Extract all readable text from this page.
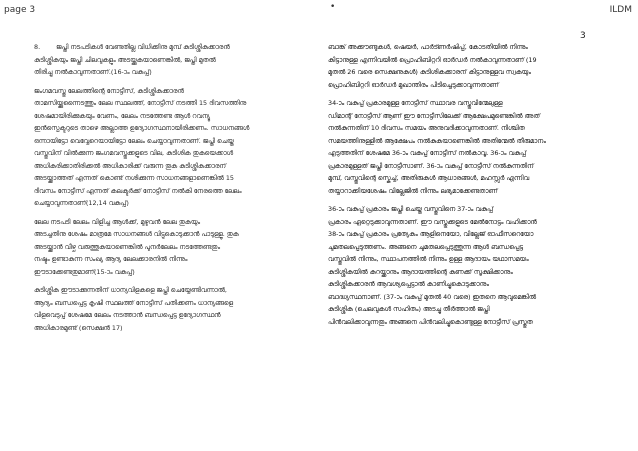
page 3	•	ILDM
3
8.	ജപ്തി നടപടികൾ വേണ്ടതില്ല വിധിക്കിനു മുമ്പ് കുടിശ്ശികക്കാരൻ
കുടിശ്ശികയും ജപ്തി ചിലവുകളും അടയ്ക്കുകയാണെങ്കിൽ, ജപ്തി മുതൽ
തിരിച്ചു നൽകാവുന്നതാണ്.(16-ാം വകുപ്പ്)
ജംഗമവസ്തു ലേലത്തിന്റെ നോട്ടീസ്, കുടിശ്ശികക്കാരൻ
താമസിയ്ക്കുന്നൈടത്തും ലേല സ്ഥലത്ത്, നോട്ടീസ് നടത്തി 15 ദിവസത്തിനു
ശേഷമായിരിക്കുകയും വേണം, ലേലം നടത്തേണ്ട ആൾ റവന്യൂ
ഇൻസ്പെക്ടറുടെ താഴെ അല്ലാത്ത ഉദ്യോഗസ്ഥനായിരിക്കണം. സാധനങ്ങൾ
ഒന്നായിട്ടോ വെവ്വേറെയായിട്ടോ ലേലം ചെയ്യാവുന്നതാണ്. ജപ്തി ചെയ്ത
വസ്തുവിന് വിൽക്കുന്ന ജംഗമവസ്തുക്കളുടെ വില, കുടിശിക തുകയെക്കാൾ
അധികരിക്കാതിരിക്കൽ അധികാരിക്ക് വരുന്ന തുക കുടിശ്ശികക്കാരന്
അടയ്ക്കാത്തത് എന്നത് കൊണ്ട് നശിക്കുന്ന സാധനങ്ങളാണെങ്കിൽ 15
ദിവസം നോട്ടീസ് എന്നത് കലക്ടർക്ക് നോട്ടീസ് നൽകി നേരത്തെ ലേലം
ചെയ്യാവുന്നതാണ്(12,14 വകുപ്പ്)
ലേല നടപടി ലേലം വിളിച്ച ആൾക്ക്, മുഴുവൻ ലേല തുകയും
അടച്ചതിനു ശേഷം മാത്രമേ സാധനങ്ങൾ വിട്ടുകൊടുക്കാൻ പാടുള്ളൂ. തുക
അടയ്ക്കാൻ വീഴ്ച വരുത്തുകയാണെങ്കിൽ പുനർലേലം നടത്തേണ്ടതും
നഷ്ടം ഉണ്ടാകുന്ന സംഖ്യ ആദ്യ ലേലക്കാരനിൽ നിന്നും
ഈടാക്കേണ്ടതുമാണ്(15-ാം വകുപ്പ്)
കുടിശ്ശിക ഈടാക്കുന്നതിന് ധാന്യവിളകളെ ജപ്തി ചെയ്യേണ്ടിവന്നാൽ,
ആദ്യം ബന്ധപ്പെട്ട കൃഷി സ്ഥലത്ത് നോട്ടീസ് പതിക്കണം ധാന്യങ്ങളെ
വിളവെടുപ്പ് ശേഷമേ ലേലം നടത്താൻ ബന്ധപ്പെട്ട ഉദ്യോഗസ്ഥൻ
അധികാരമുണ്ട് (സെക്ഷൻ 17)
ബാങ്ക് അക്കൗണ്ടുകൾ, ഷെയർ, പാർട്ണർഷിപ്പ്, കോടതിയിൽ നിന്നും
കിട്ടാനുള്ള എന്നിവയിൽ പ്രൊഹിബിറ്ററി ഓർഡർ നൽകാവുന്നതാണ് (19
മുതൽ 26 വരെ സെക്ഷനുകൾ) കുടിശികക്കാരന് കിട്ടാനുള്ളവ സ്വകയും
പ്രൊഹിബിറ്ററി ഓർഡർ മുഖാന്തിരം പിടിച്ചെടുക്കാവുന്നതാണ്
34-ാം വകുപ്പ് പ്രകാരമുള്ള നോട്ടീസ് സ്ഥാവര വസ്തുവിന്മേലുള്ള
ഡിമാന്റ് നോട്ടീസ് ആണ് ഈ നോട്ടീസിലേക്ക് ആക്ഷേപമുണ്ടെങ്കിൽ അത്
നൽകുന്നതിന് 10 ദിവസം സമയം അനുവദിക്കാവുന്നതാണ്. നിശ്ചിത
സമയത്തിനുള്ളിൽ ആക്ഷേപം നൽകുകയാണെങ്കിൽ അതിന്മേൽ തീരുമാനം
എടുത്തതിന് ശേഷമേ 36-ാം വകുപ്പ് നോട്ടീസ് നൽകാവൂ. 36-ാം വകുപ്പ്
പ്രകാരമുള്ളത് ജപ്തി നോട്ടീസാണ്. 36-ാം വകുപ്പ് നോട്ടീസ് നൽകുന്നതിന്
മുമ്പ്, വസ്തുവിന്റെ സ്കെച്ച്, അതിരുകൾ ആധാരങ്ങൾ, മഹസ്സർ എന്നിവ
തയ്യാറാക്കിയശേഷം വില്ലേജിൽ നിന്നും ലഭ്യമാക്കേണ്ടതാണ്
36-ാം വകുപ്പ് പ്രകാരം ജപ്തി ചെയ്ത വസ്തുവിനെ 37-ാം വകുപ്പ്
പ്രകാരം ഏറ്റെടുക്കാവുന്നതാണ്. ഈ വസ്തുക്കളുടെ മേൽനോട്ടം വഹിക്കാൻ
38-ാം വകുപ്പ് പ്രകാരം പ്രത്യേകം ആളിനെയോ, വില്ലേജ് ഓഫീസറെയോ
ചുമതലപ്പെടുത്തണം. അങ്ങനെ ചുമതലപ്പെടുത്തുന്ന ആൾ ബന്ധപ്പെട്ട
വസ്തുവിൽ നിന്നും, സ്ഥാപനത്തിൽ നിന്നും ഉള്ള ആദായം യഥാസമയം
കുടിശ്ശികയിൽ കുറയ്ക്കാനും ആദായത്തിന്റെ കണക്ക് സൂക്ഷിക്കാനും
കുടിശ്ശികക്കാരൻ ആവശ്യപ്പെട്ടാൽ കാണിച്ചുകൊടുക്കാനും
ബാദ്ധ്യസ്ഥനാണ്. (37-ാം വകുപ്പ് മുതൽ 40 വരെ) ഇതനെ ആവുമെങ്കിൽ
കുടിശ്ശിക (ചെലവുകൾ സഹിതം) അടച്ചു തീർത്താൽ ജപ്തി
പിൻവലിക്കാവുന്നതും അങ്ങനെ പിൻവലിച്ചുകൊണ്ടുള്ള നോട്ടീസ് പ്രസ്തുത
